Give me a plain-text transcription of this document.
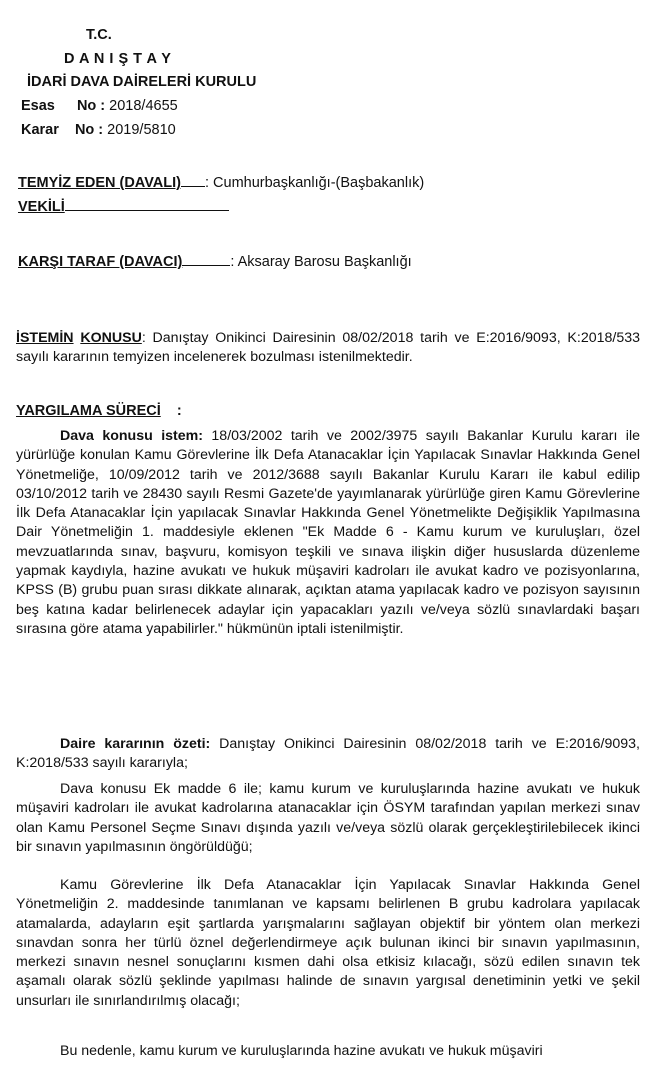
T.C.
D A N I Ş T A Y
İDARİ DAVA DAİRELERİ KURULU
Esas No : 2018/4655
Karar No : 2019/5810
TEMYİZ EDEN (DAVALI) : Cumhurbaşkanlığı-(Başbakanlık)
VEKİLİ
KARŞI TARAF (DAVACI)	: Aksaray Barosu Başkanlığı
İSTEMİN KONUSU: Danıştay Onikinci Dairesinin 08/02/2018 tarih ve E:2016/9093, K:2018/533 sayılı kararının temyizen incelenerek bozulması istenilmektedir.
YARGILAMA SÜRECİ    :
Dava konusu istem: 18/03/2002 tarih ve 2002/3975 sayılı Bakanlar Kurulu kararı ile yürürlüğe konulan Kamu Görevlerine İlk Defa Atanacaklar İçin Yapılacak Sınavlar Hakkında Genel Yönetmeliğe, 10/09/2012 tarih ve 2012/3688 sayılı Bakanlar Kurulu Kararı ile kabul edilip 03/10/2012 tarih ve 28430 sayılı Resmi Gazete'de yayımlanarak yürürlüğe giren Kamu Görevlerine İlk Defa Atanacaklar İçin yapılacak Sınavlar Hakkında Genel Yönetmelikte Değişiklik Yapılmasına Dair Yönetmeliğin 1. maddesiyle eklenen "Ek Madde 6 - Kamu kurum ve kuruluşları, özel mevzuatlarında sınav, başvuru, komisyon teşkili ve sınava ilişkin diğer hususlarda düzenleme yapmak kaydıyla, hazine avukatı ve hukuk müşaviri kadroları ile avukat kadro ve pozisyonlarına, KPSS (B) grubu puan sırası dikkate alınarak, açıktan atama yapılacak kadro ve pozisyon sayısının beş katına kadar belirlenecek adaylar için yapacakları yazılı ve/veya sözlü sınavlardaki başarı sırasına göre atama yapabilirler." hükmünün iptali istenilmiştir.
Daire kararının özeti: Danıştay Onikinci Dairesinin 08/02/2018 tarih ve E:2016/9093, K:2018/533 sayılı kararıyla;
Dava konusu Ek madde 6 ile; kamu kurum ve kuruluşlarında hazine avukatı ve hukuk müşaviri kadroları ile avukat kadrolarına atanacaklar için ÖSYM tarafından yapılan merkezi sınav olan Kamu Personel Seçme Sınavı dışında yazılı ve/veya sözlü olarak gerçekleştirilebilecek ikinci bir sınavın yapılmasının öngörüldüğü;
Kamu Görevlerine İlk Defa Atanacaklar İçin Yapılacak Sınavlar Hakkında Genel Yönetmeliğin 2. maddesinde tanımlanan ve kapsamı belirlenen B grubu kadrolara yapılacak atamalarda, adayların eşit şartlarda yarışmalarını sağlayan objektif bir yöntem olan merkezi sınavdan sonra her türlü öznel değerlendirmeye açık bulunan ikinci bir sınavın yapılmasının, merkezi sınavın nesnel sonuçlarını kısmen dahi olsa etkisiz kılacağı, sözü edilen sınavın tek aşamalı olarak sözlü şeklinde yapılması halinde de sınavın yargısal denetiminin yetki ve şekil unsurları ile sınırlandırılmış olacağı;
Bu nedenle, kamu kurum ve kuruluşlarında hazine avukatı ve hukuk müşaviri
